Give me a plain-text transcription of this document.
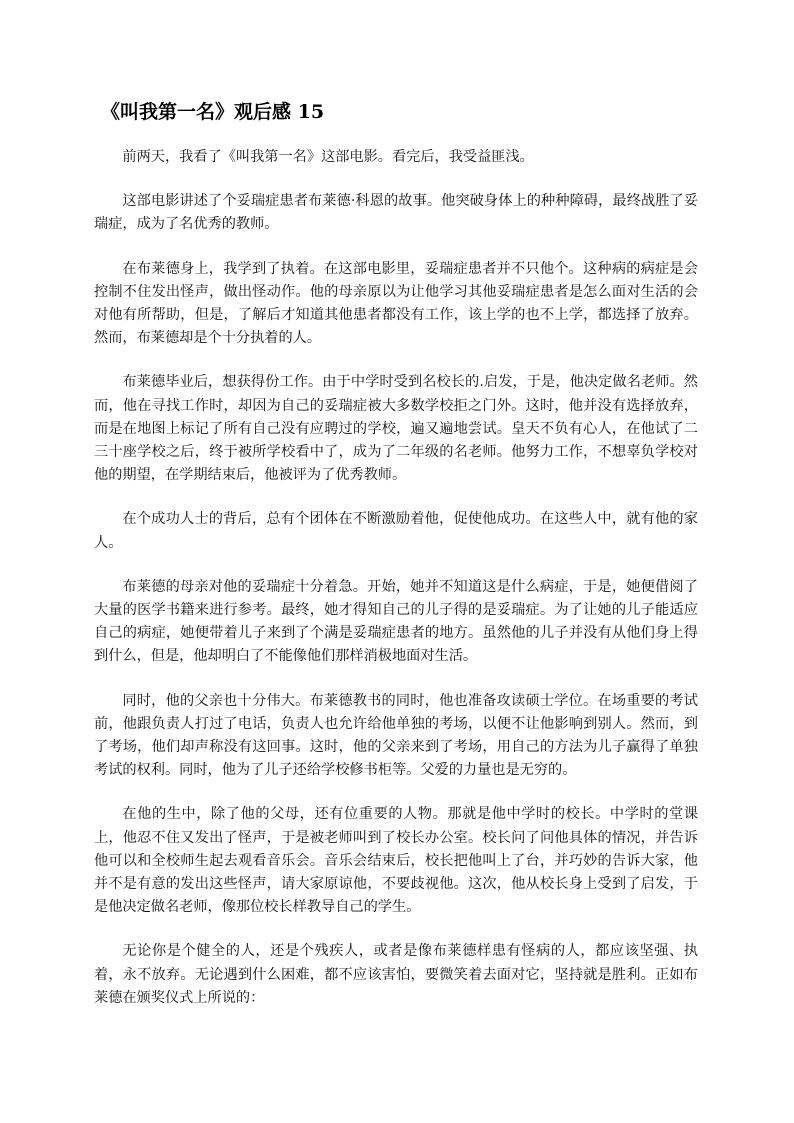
《叫我第一名》观后感 15

前两天，我看了《叫我第一名》这部电影。看完后，我受益匪浅。

这部电影讲述了个妥瑞症患者布莱德·科恩的故事。他突破身体上的种种障碍，最终战胜了妥瑞症，成为了名优秀的教师。

在布莱德身上，我学到了执着。在这部电影里，妥瑞症患者并不只他个。这种病的病症是会控制不住发出怪声，做出怪动作。他的母亲原以为让他学习其他妥瑞症患者是怎么面对生活的会对他有所帮助，但是，了解后才知道其他患者都没有工作，该上学的也不上学，都选择了放弃。然而，布莱德却是个十分执着的人。

布莱德毕业后，想获得份工作。由于中学时受到名校长的.启发，于是，他决定做名老师。然而，他在寻找工作时，却因为自己的妥瑞症被大多数学校拒之门外。这时，他并没有选择放弃，而是在地图上标记了所有自己没有应聘过的学校，遍又遍地尝试。皇天不负有心人，在他试了二三十座学校之后，终于被所学校看中了，成为了二年级的名老师。他努力工作，不想辜负学校对他的期望，在学期结束后，他被评为了优秀教师。

在个成功人士的背后，总有个团体在不断激励着他，促使他成功。在这些人中，就有他的家人。

布莱德的母亲对他的妥瑞症十分着急。开始，她并不知道这是什么病症，于是，她便借阅了大量的医学书籍来进行参考。最终，她才得知自己的儿子得的是妥瑞症。为了让她的儿子能适应自己的病症，她便带着儿子来到了个满是妥瑞症患者的地方。虽然他的儿子并没有从他们身上得到什么，但是，他却明白了不能像他们那样消极地面对生活。

同时，他的父亲也十分伟大。布莱德教书的同时，他也准备攻读硕士学位。在场重要的考试前，他跟负责人打过了电话，负责人也允许给他单独的考场，以便不让他影响到别人。然而，到了考场，他们却声称没有这回事。这时，他的父亲来到了考场，用自己的方法为儿子赢得了单独考试的权利。同时，他为了儿子还给学校修书柜等。父爱的力量也是无穷的。

在他的生中，除了他的父母，还有位重要的人物。那就是他中学时的校长。中学时的堂课上，他忍不住又发出了怪声，于是被老师叫到了校长办公室。校长问了问他具体的情况，并告诉他可以和全校师生起去观看音乐会。音乐会结束后，校长把他叫上了台，并巧妙的告诉大家，他并不是有意的发出这些怪声，请大家原谅他，不要歧视他。这次，他从校长身上受到了启发，于是他决定做名老师，像那位校长样教导自己的学生。

无论你是个健全的人，还是个残疾人，或者是像布莱德样患有怪病的人，都应该坚强、执着，永不放弃。无论遇到什么困难，都不应该害怕，要微笑着去面对它，坚持就是胜利。正如布莱德在颁奖仪式上所说的：
